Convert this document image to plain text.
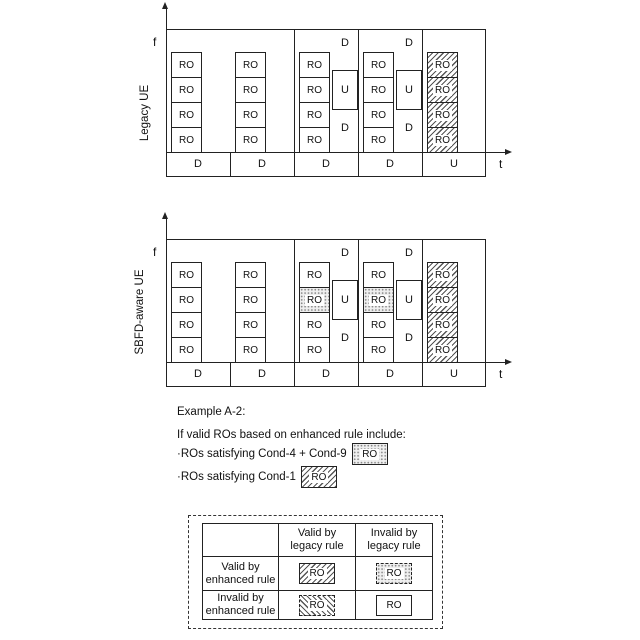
t
f
RO
RO
RO
RO
D
RO
RO
RO
RO
D
RO
RO
RO
RO
D
U
D
D
RO
RO
RO
RO
D
U
D
D
RO
RO
RO
RO
U
t
f
RO
RO
RO
RO
D
RO
RO
RO
RO
D
RO
RO
RO
RO
D
U
D
D
RO
RO
RO
RO
D
U
D
D
RO
RO
RO
RO
U
Example A-2:
If valid ROs based on enhanced rule include:
·ROs satisfying Cond-4 + Cond-9 RO
·ROs satisfying Cond-1 RO
	Valid by
legacy rule	Invalid by
legacy rule
Valid by
enhanced rule	RO	RO

Invalid by
enhanced rule	RO	RO
Legacy UE
SBFD-aware UE
